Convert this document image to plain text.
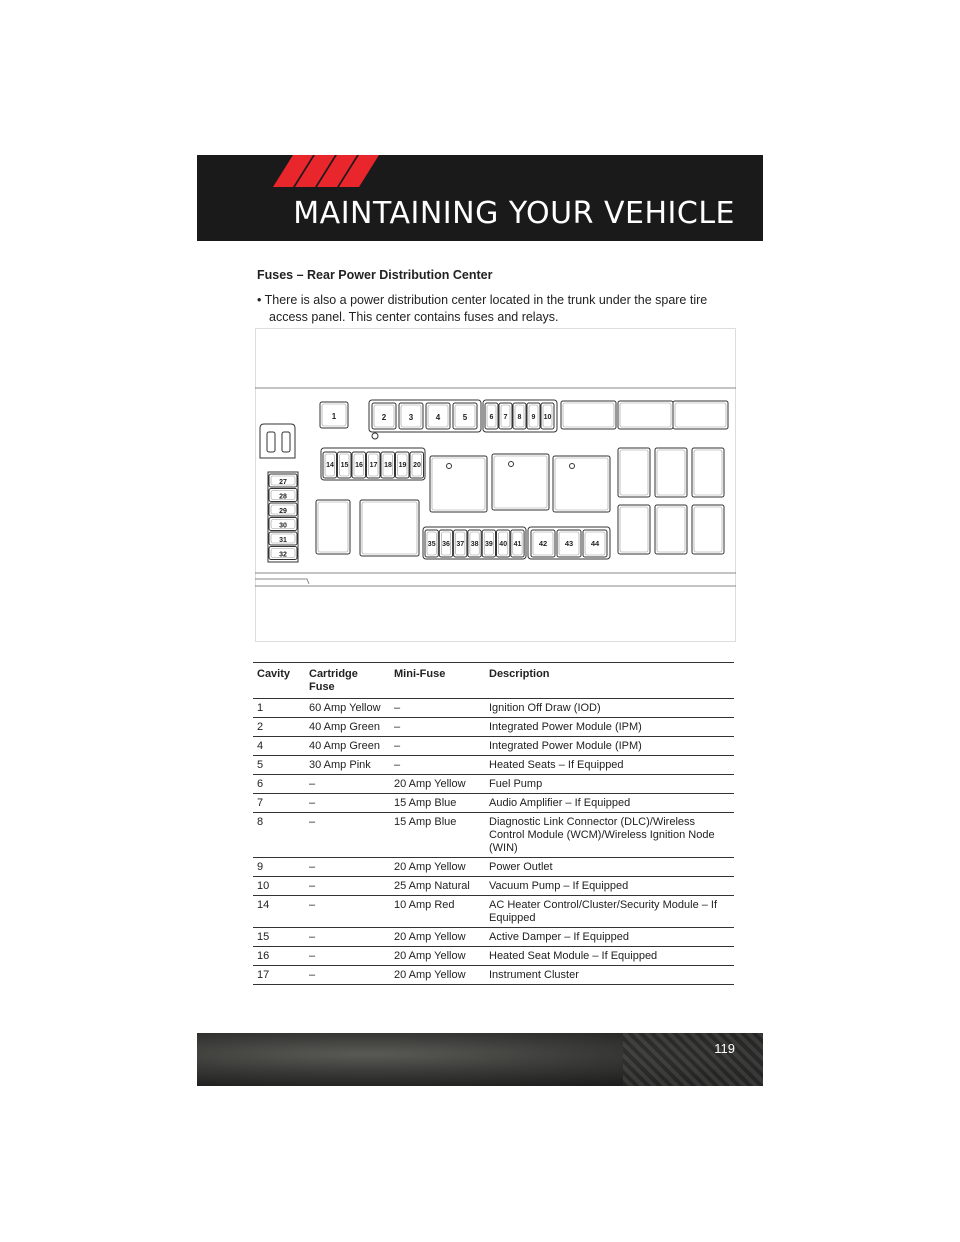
MAINTAINING YOUR VEHICLE
Fuses – Rear Power Distribution Center
• There is also a power distribution center located in the trunk under the spare tire access panel. This center contains fuses and relays.
1	2	3	4	5	6 7 8 9 10
27
28
29
30
31
32
14 15 16 17 18 19 20
35 36 37 38 39 40 41 42 43 44
Cavity	Cartridge Fuse	Mini-Fuse	Description
1	60 Amp Yellow	–	Ignition Off Draw (IOD)
2	40 Amp Green	–	Integrated Power Module (IPM)
4	40 Amp Green	–	Integrated Power Module (IPM)
5	30 Amp Pink	–	Heated Seats – If Equipped
6	–	20 Amp Yellow	Fuel Pump
7	–	15 Amp Blue	Audio Amplifier – If Equipped
8	–	15 Amp Blue	Diagnostic Link Connector (DLC)/Wireless Control Module (WCM)/Wireless Ignition Node (WIN)
9	–	20 Amp Yellow	Power Outlet
10	–	25 Amp Natural	Vacuum Pump – If Equipped
14	–	10 Amp Red	AC Heater Control/Cluster/Security Module – If Equipped
15	–	20 Amp Yellow	Active Damper – If Equipped
16	–	20 Amp Yellow	Heated Seat Module – If Equipped
17	–	20 Amp Yellow	Instrument Cluster
119
